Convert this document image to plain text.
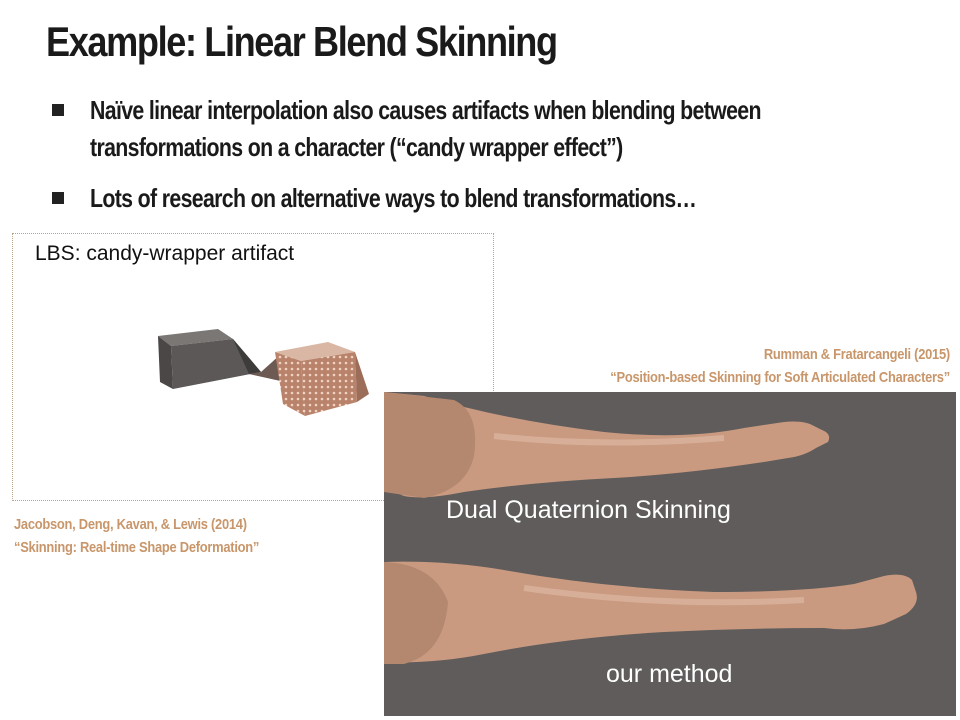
Example: Linear Blend Skinning
Naïve linear interpolation also causes artifacts when blending between
transformations on a character (“candy wrapper effect”)
Lots of research on alternative ways to blend transformations…
LBS: candy-wrapper artifact
Jacobson, Deng, Kavan, & Lewis (2014)
“Skinning: Real-time Shape Deformation”
Rumman & Fratarcangeli (2015)
“Position-based Skinning for Soft Articulated Characters”
Dual Quaternion Skinning
our method
